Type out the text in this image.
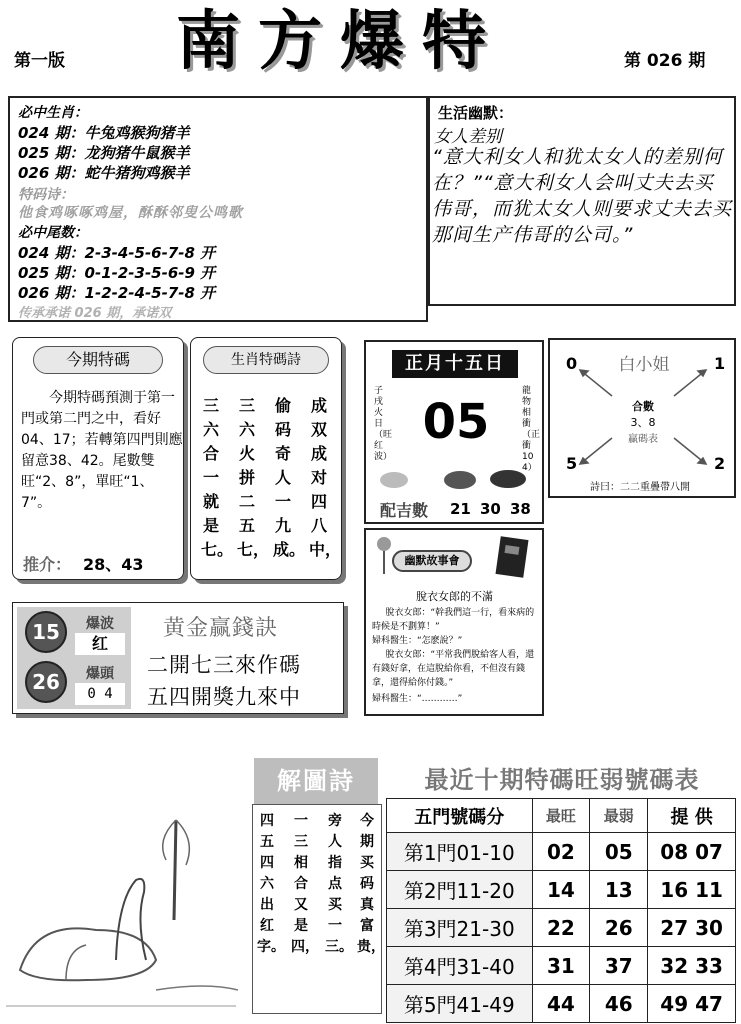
第一版	南方爆特	第 026 期
必中生肖：
024 期：牛兔鸡猴狗猪羊
025 期：龙狗猪牛鼠猴羊
026 期：蛇牛猪狗鸡猴羊
特码诗：
他食鸡啄啄鸡屋，酥酥邻叟公鸣歌
必中尾数：
024 期：2-3-4-5-6-7-8 开
025 期：0-1-2-3-5-6-9 开
026 期：1-2-2-4-5-7-8 开
传承承诺 026 期，承诺双
生活幽默：
女人差别
“意大利女人和犹太女人的差别何在？”“意大利女人会叫丈夫去买伟哥，而犹太女人则要求丈夫去买那间生产伟哥的公司。”
今期特碼
今期特碼預測于第一門或第二門之中，看好04、17；若轉第四門則應留意38、42。尾數雙旺“2、8”，單旺“1、7”。
推介： 28、43
生肖特碼詩
成双成对四八中，
偷码奇人一九成。
三六火拼二五七，
三六合一就是七。
正月十五日
子戌火日（旺红波）
龍物相衝（正衝104）
05
配吉數 21 30 38
白小姐
0	1
5	2
合數
3、8
贏碼表
詩曰：二二重疊帶八開
幽默故事會
脫衣女郎的不滿
脫衣女郎：“幹我們這一行，看來病的時候是不劃算！”
婦科醫生：“怎麽說？”
脫衣女郎：“平常我們脫給客人看，還有錢好拿，在這脫給你看，不但沒有錢拿，還得給你付錢。”
婦科醫生：“…………”
15	爆波
红
26	爆頭
0 4
黄金赢錢訣
二開七三來作碼
五四開獎九來中
解圖詩
今期买码真富贵，
旁人指点买一三。
一三相合又是四，
四五四六出红字。
最近十期特碼旺弱號碼表
五門號碼分	最旺	最弱	提 供
第1門01-10	02	05	08 07
第2門11-20	14	13	16 11
第3門21-30	22	26	27 30
第4門31-40	31	37	32 33
第5門41-49	44	46	49 47
